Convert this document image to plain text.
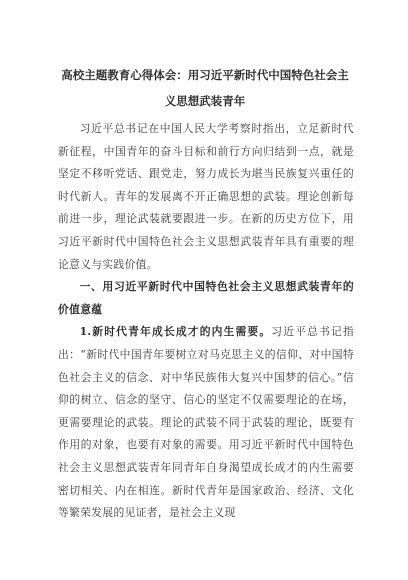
高校主题教育心得体会：用习近平新时代中国特色社会主义思想武装青年

习近平总书记在中国人民大学考察时指出，立足新时代新征程，中国青年的奋斗目标和前行方向归结到一点，就是坚定不移听党话、跟党走，努力成长为堪当民族复兴重任的时代新人。青年的发展离不开正确思想的武装。理论创新每前进一步，理论武装就要跟进一步。在新的历史方位下，用习近平新时代中国特色社会主义思想武装青年具有重要的理论意义与实践价值。

一、用习近平新时代中国特色社会主义思想武装青年的价值意蕴

1.新时代青年成长成才的内生需要。习近平总书记指出：“新时代中国青年要树立对马克思主义的信仰、对中国特色社会主义的信念、对中华民族伟大复兴中国梦的信心。”信仰的树立、信念的坚守、信心的坚定不仅需要理论的在场，更需要理论的武装。理论的武装不同于武装的理论，既要有作用的对象，也要有对象的需要。用习近平新时代中国特色社会主义思想武装青年同青年自身渴望成长成才的内生需要密切相关、内在相连。新时代青年是国家政治、经济、文化等繁荣发展的见证者，是社会主义现
